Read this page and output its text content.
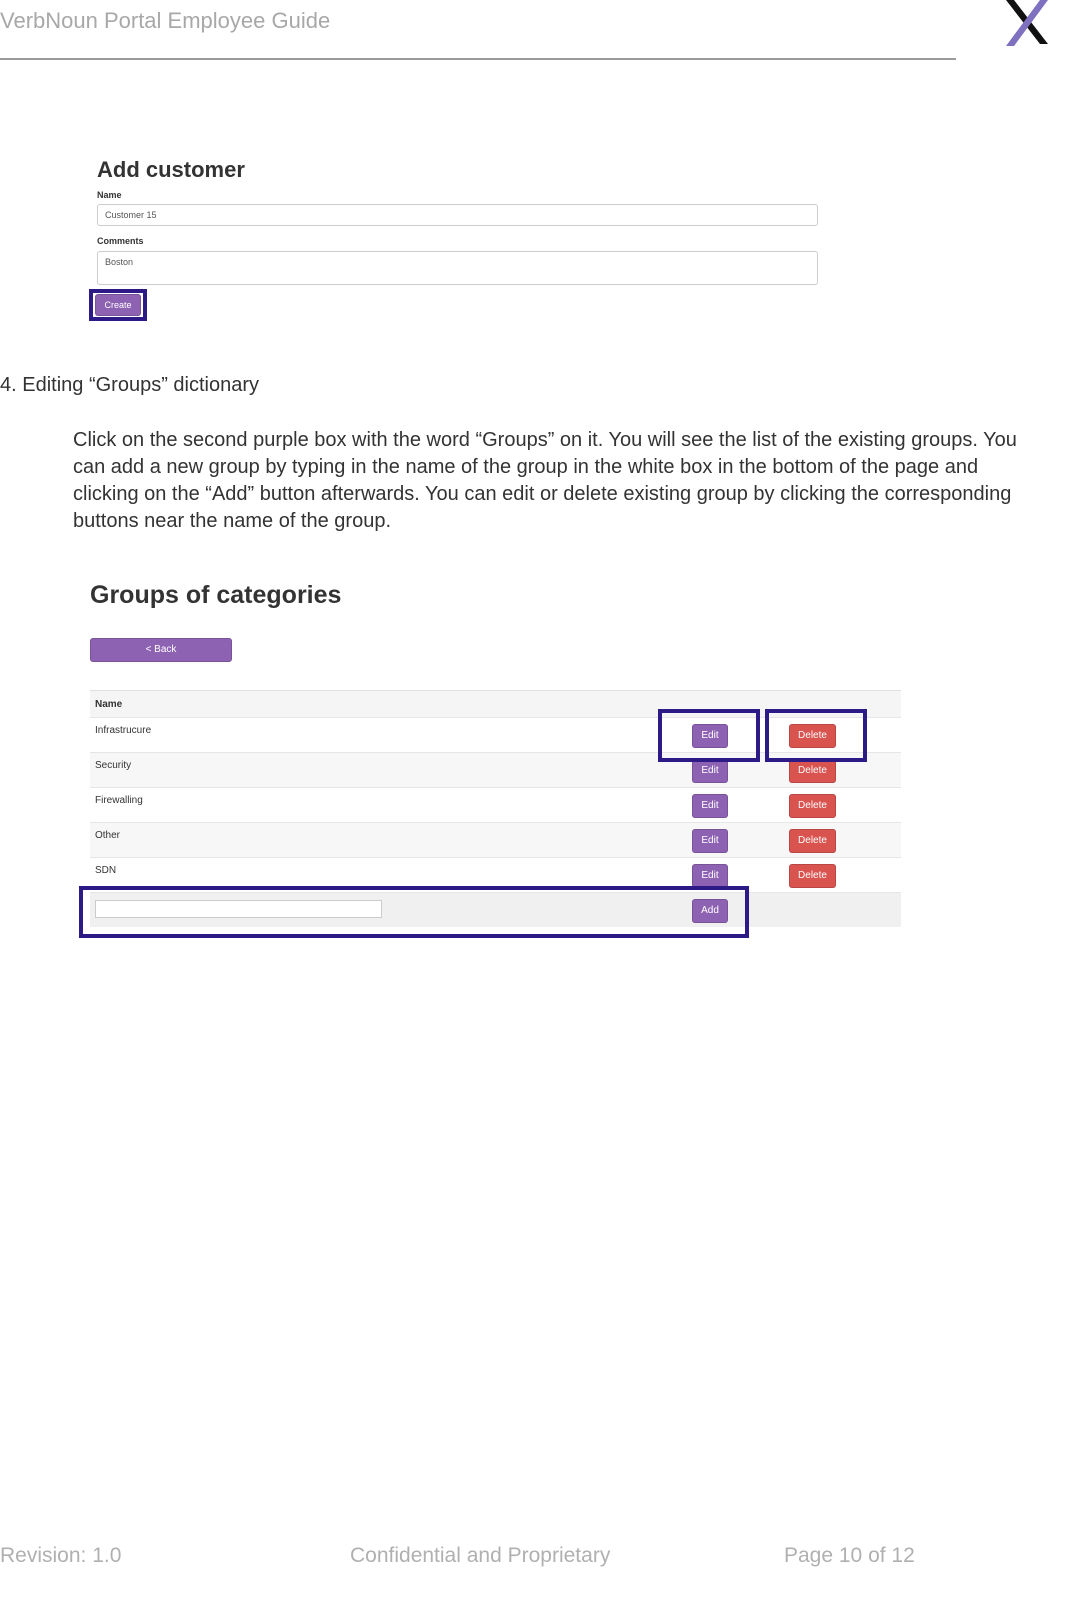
VerbNoun Portal Employee Guide
Add customer
Name
Customer 15
Comments
Boston
Create
4. Editing “Groups” dictionary
Click on the second purple box with the word “Groups” on it. You will see the list of the existing groups. You can add a new group by typing in the name of the group in the white box in the bottom of the page and clicking on the “Add” button afterwards. You can edit or delete existing group by clicking the corresponding buttons near the name of the group.
Groups of categories
< Back
Name
Infrastrucure	Edit	Delete
Security	Edit	Delete
Firewalling	Edit	Delete
Other	Edit	Delete
SDN	Edit	Delete
Add
Revision: 1.0	Confidential and Proprietary	Page 10 of 12
